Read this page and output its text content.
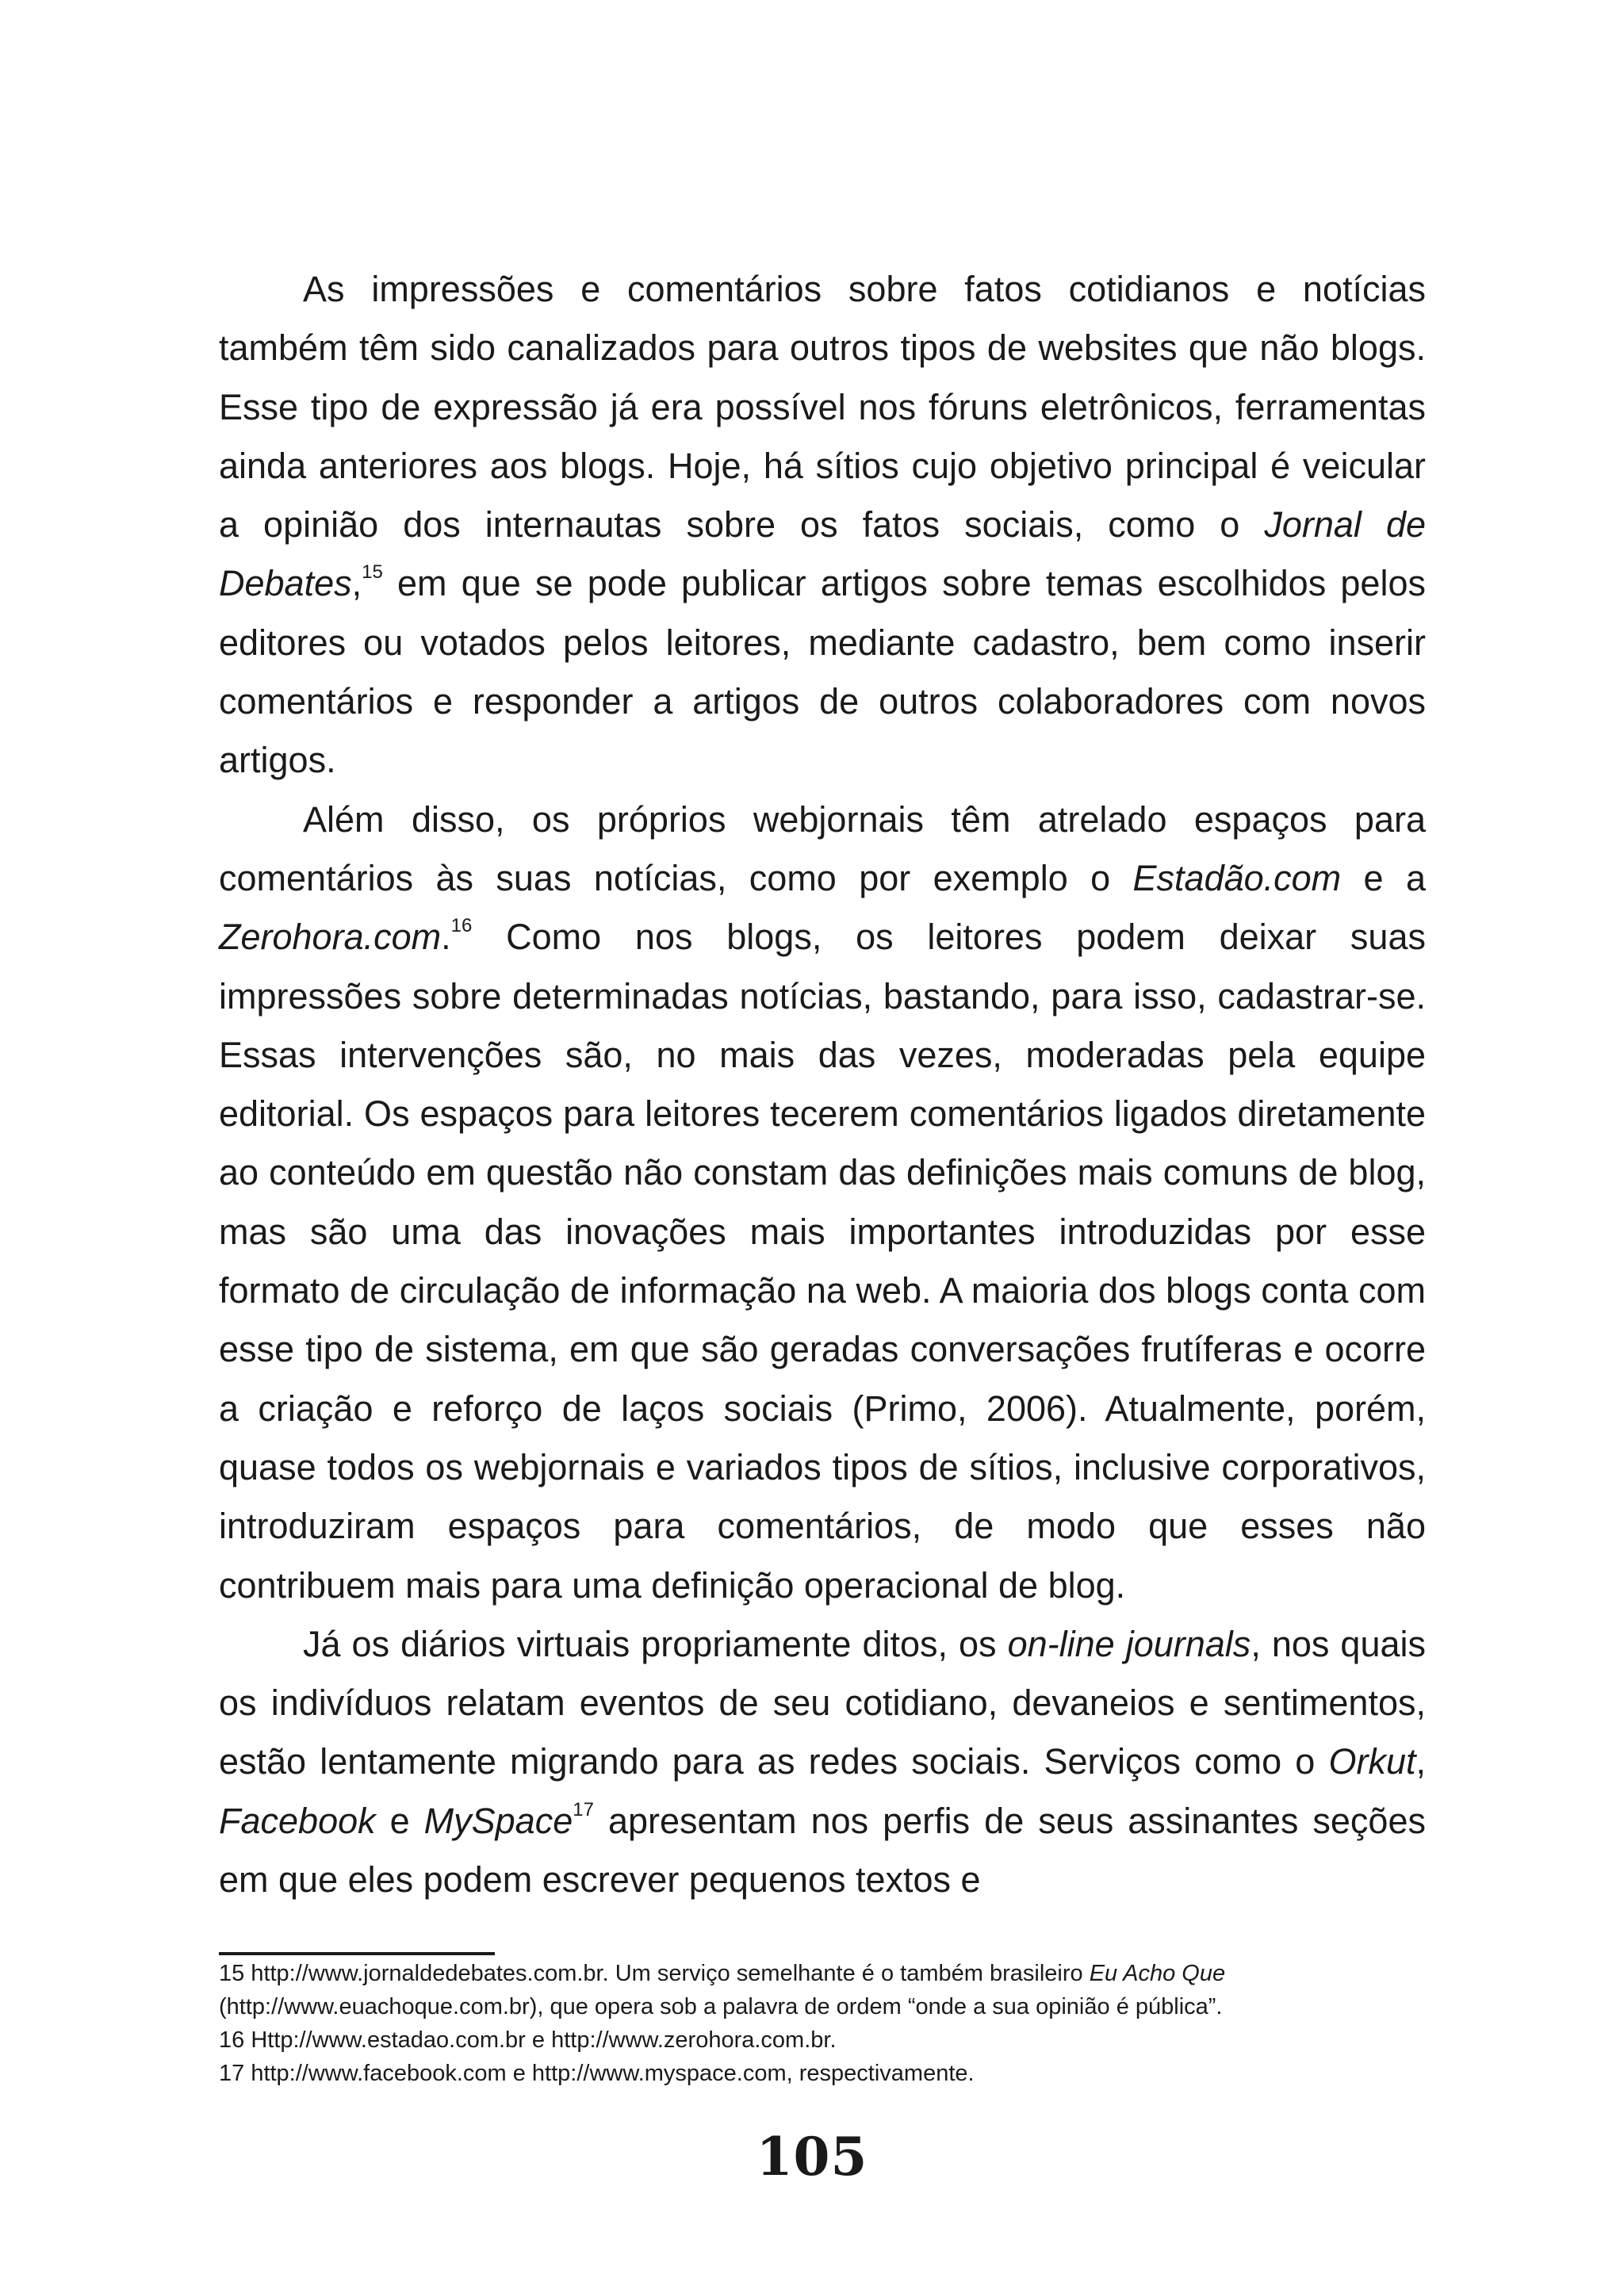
As impressões e comentários sobre fatos cotidianos e notícias também têm sido canalizados para outros tipos de websites que não blogs. Esse tipo de expressão já era possível nos fóruns eletrônicos, ferramentas ainda anteriores aos blogs. Hoje, há sítios cujo objetivo principal é veicular a opinião dos internautas sobre os fatos sociais, como o Jornal de Debates,$^{15}$ em que se pode publicar artigos sobre temas escolhidos pelos editores ou votados pelos leitores, mediante cadastro, bem como inserir comentários e responder a artigos de outros colaboradores com novos artigos.

Além disso, os próprios webjornais têm atrelado espaços para comentários às suas notícias, como por exemplo o Estadão.com e a Zerohora.com.$^{16}$ Como nos blogs, os leitores podem deixar suas impressões sobre determinadas notícias, bastando, para isso, cadastrar-se. Essas intervenções são, no mais das vezes, moderadas pela equipe editorial. Os espaços para leitores tecerem comentários ligados diretamente ao conteúdo em questão não constam das definições mais comuns de blog, mas são uma das inovações mais importantes introduzidas por esse formato de circulação de informação na web. A maioria dos blogs conta com esse tipo de sistema, em que são geradas conversações frutíferas e ocorre a criação e reforço de laços sociais (Primo, 2006). Atualmente, porém, quase todos os webjornais e variados tipos de sítios, inclusive corporativos, introduziram espaços para comentários, de modo que esses não contribuem mais para uma definição operacional de blog.

Já os diários virtuais propriamente ditos, os on-line journals, nos quais os indivíduos relatam eventos de seu cotidiano, devaneios e sentimentos, estão lentamente migrando para as redes sociais. Serviços como o Orkut, Facebook e MySpace$^{17}$ apresentam nos perfis de seus assinantes seções em que eles podem escrever pequenos textos e

15 http://www.jornaldedebates.com.br. Um serviço semelhante é o também brasileiro Eu Acho Que (http://www.euachoque.com.br), que opera sob a palavra de ordem “onde a sua opinião é pública”.

16 Http://www.estadao.com.br e http://www.zerohora.com.br.

17 http://www.facebook.com e http://www.myspace.com, respectivamente.

105
